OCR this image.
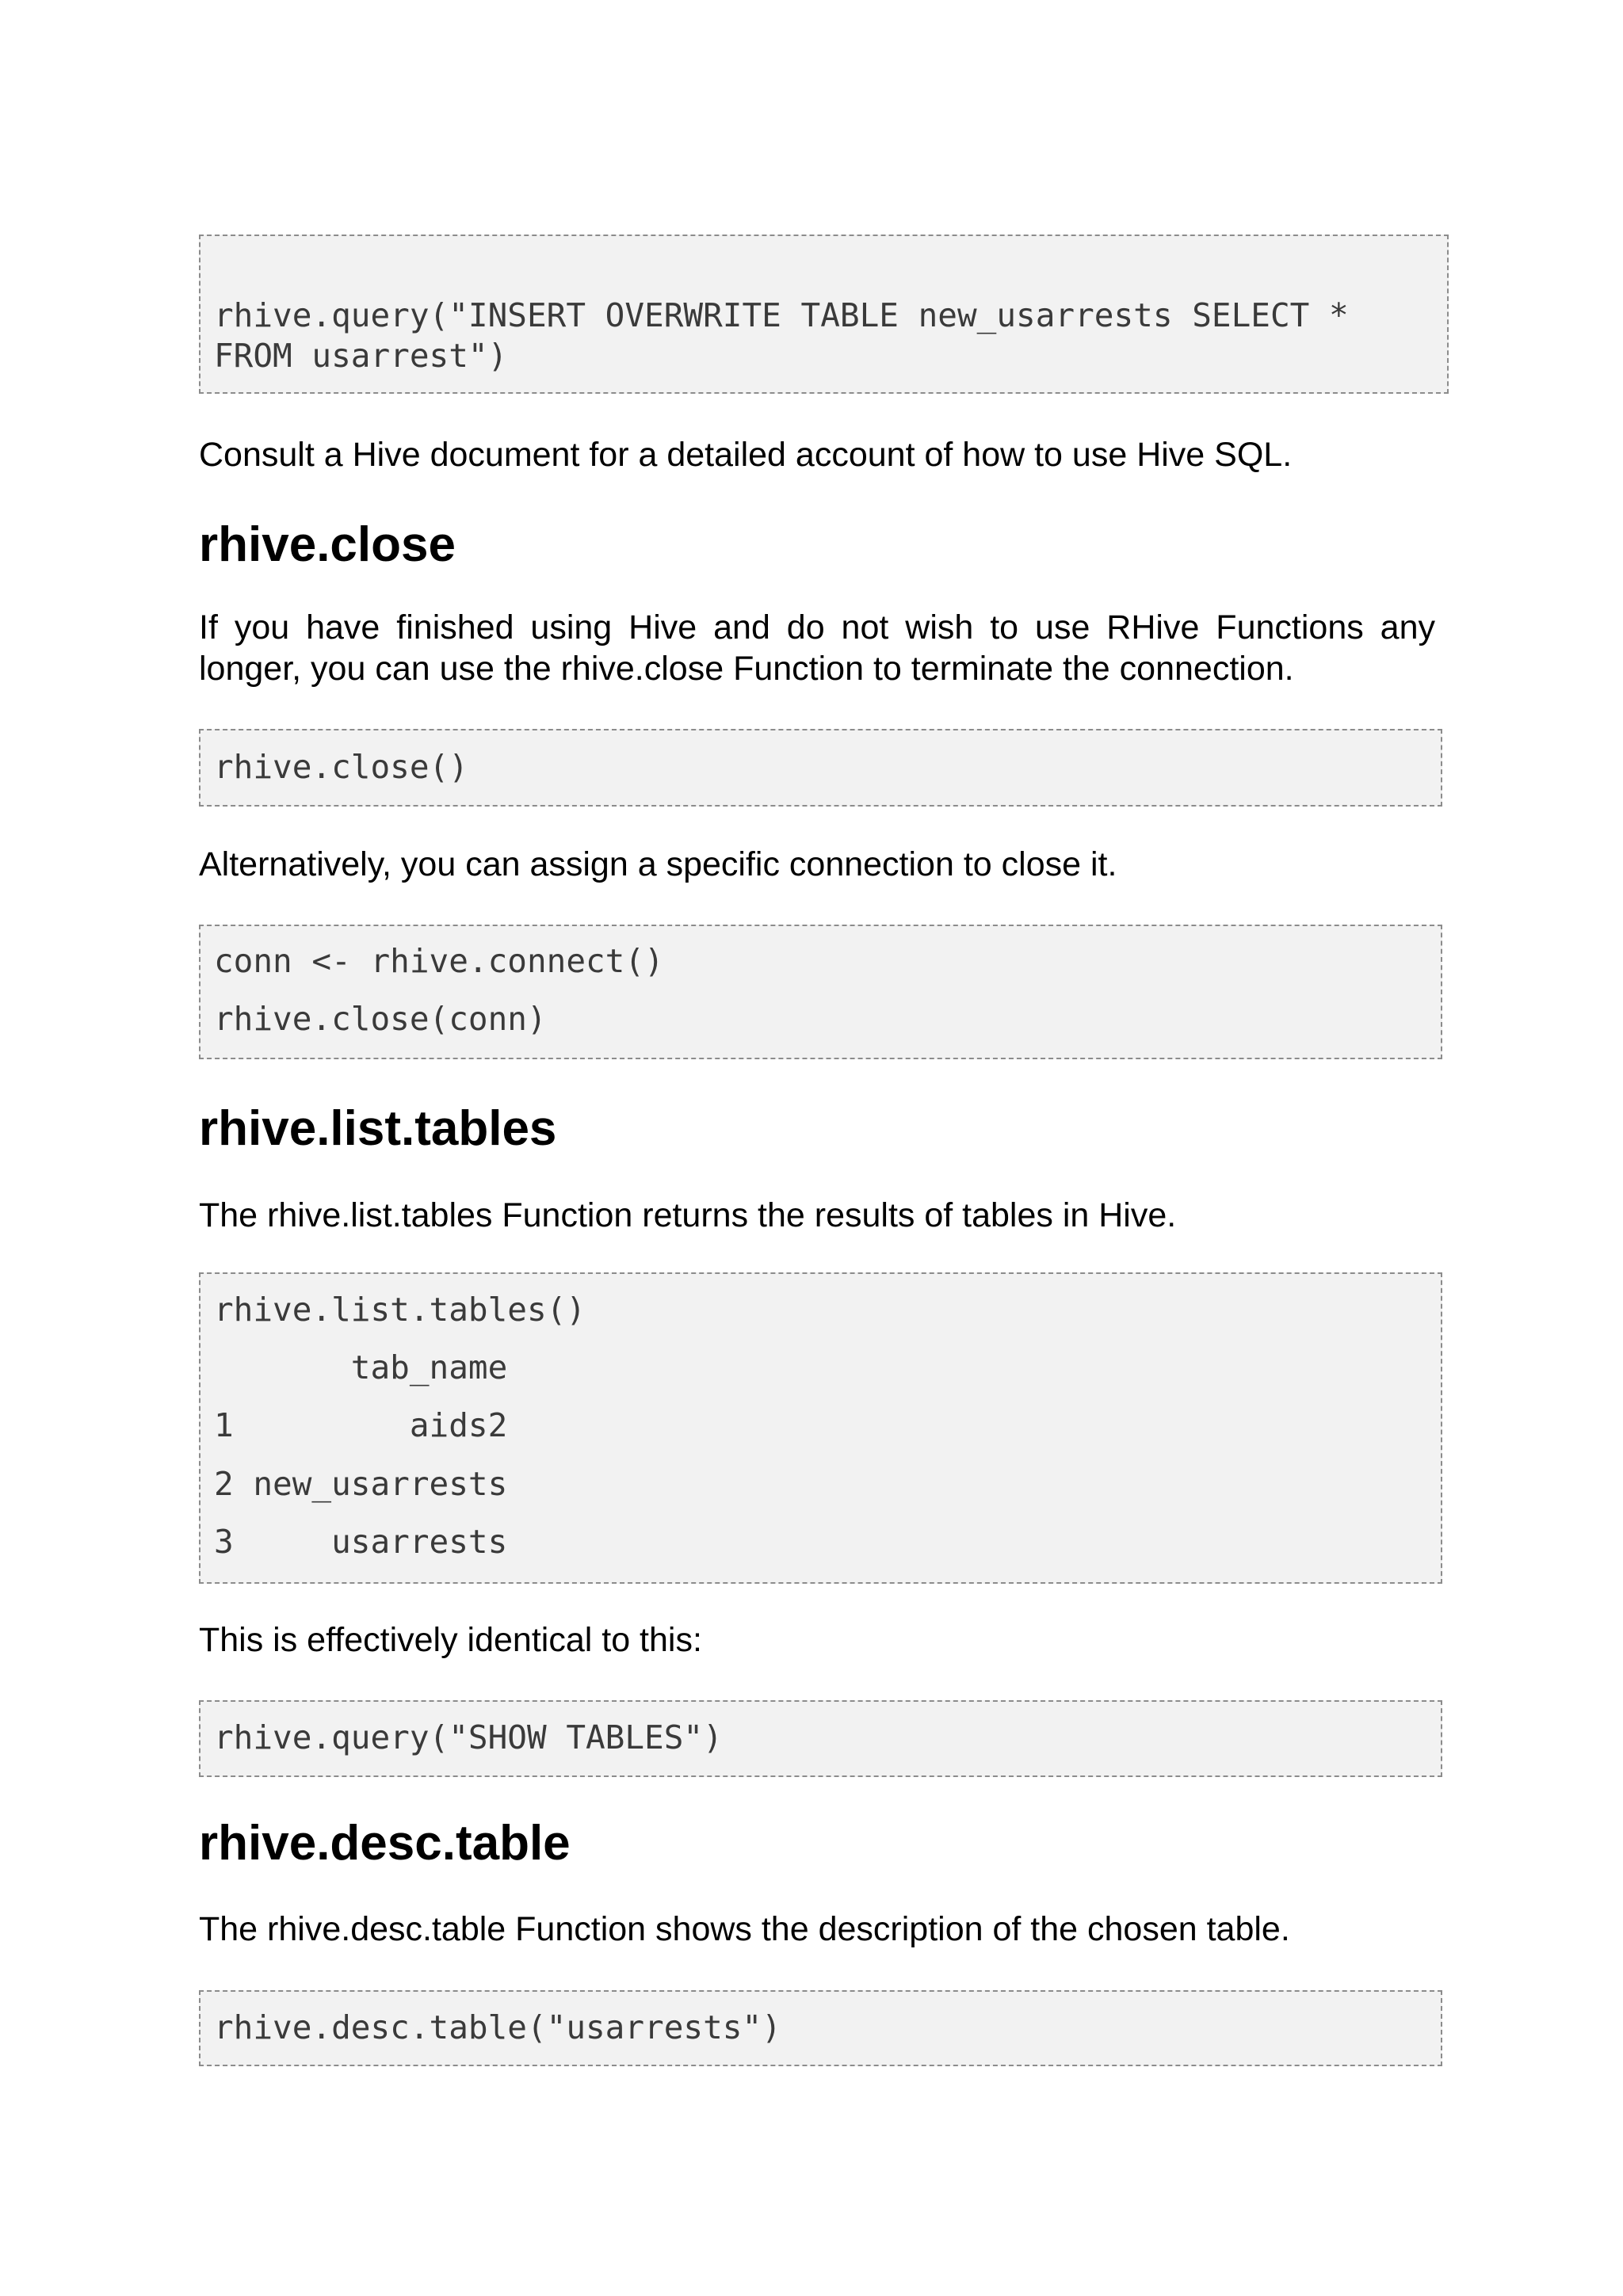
rhive.query("INSERT OVERWRITE TABLE new_usarrests SELECT *
FROM usarrest")

Consult a Hive document for a detailed account of how to use Hive SQL.

rhive.close

If you have finished using Hive and do not wish to use RHive Functions any longer, you can use the rhive.close Function to terminate the connection.

rhive.close()

Alternatively, you can assign a specific connection to close it.

conn <- rhive.connect()
rhive.close(conn)
rhive.list.tables

The rhive.list.tables Function returns the results of tables in Hive.

rhive.list.tables()
tab_name
1         aids2
2 new_usarrests
3     usarrests

This is effectively identical to this:

rhive.query("SHOW TABLES")
rhive.desc.table

The rhive.desc.table Function shows the description of the chosen table.

rhive.desc.table("usarrests")
